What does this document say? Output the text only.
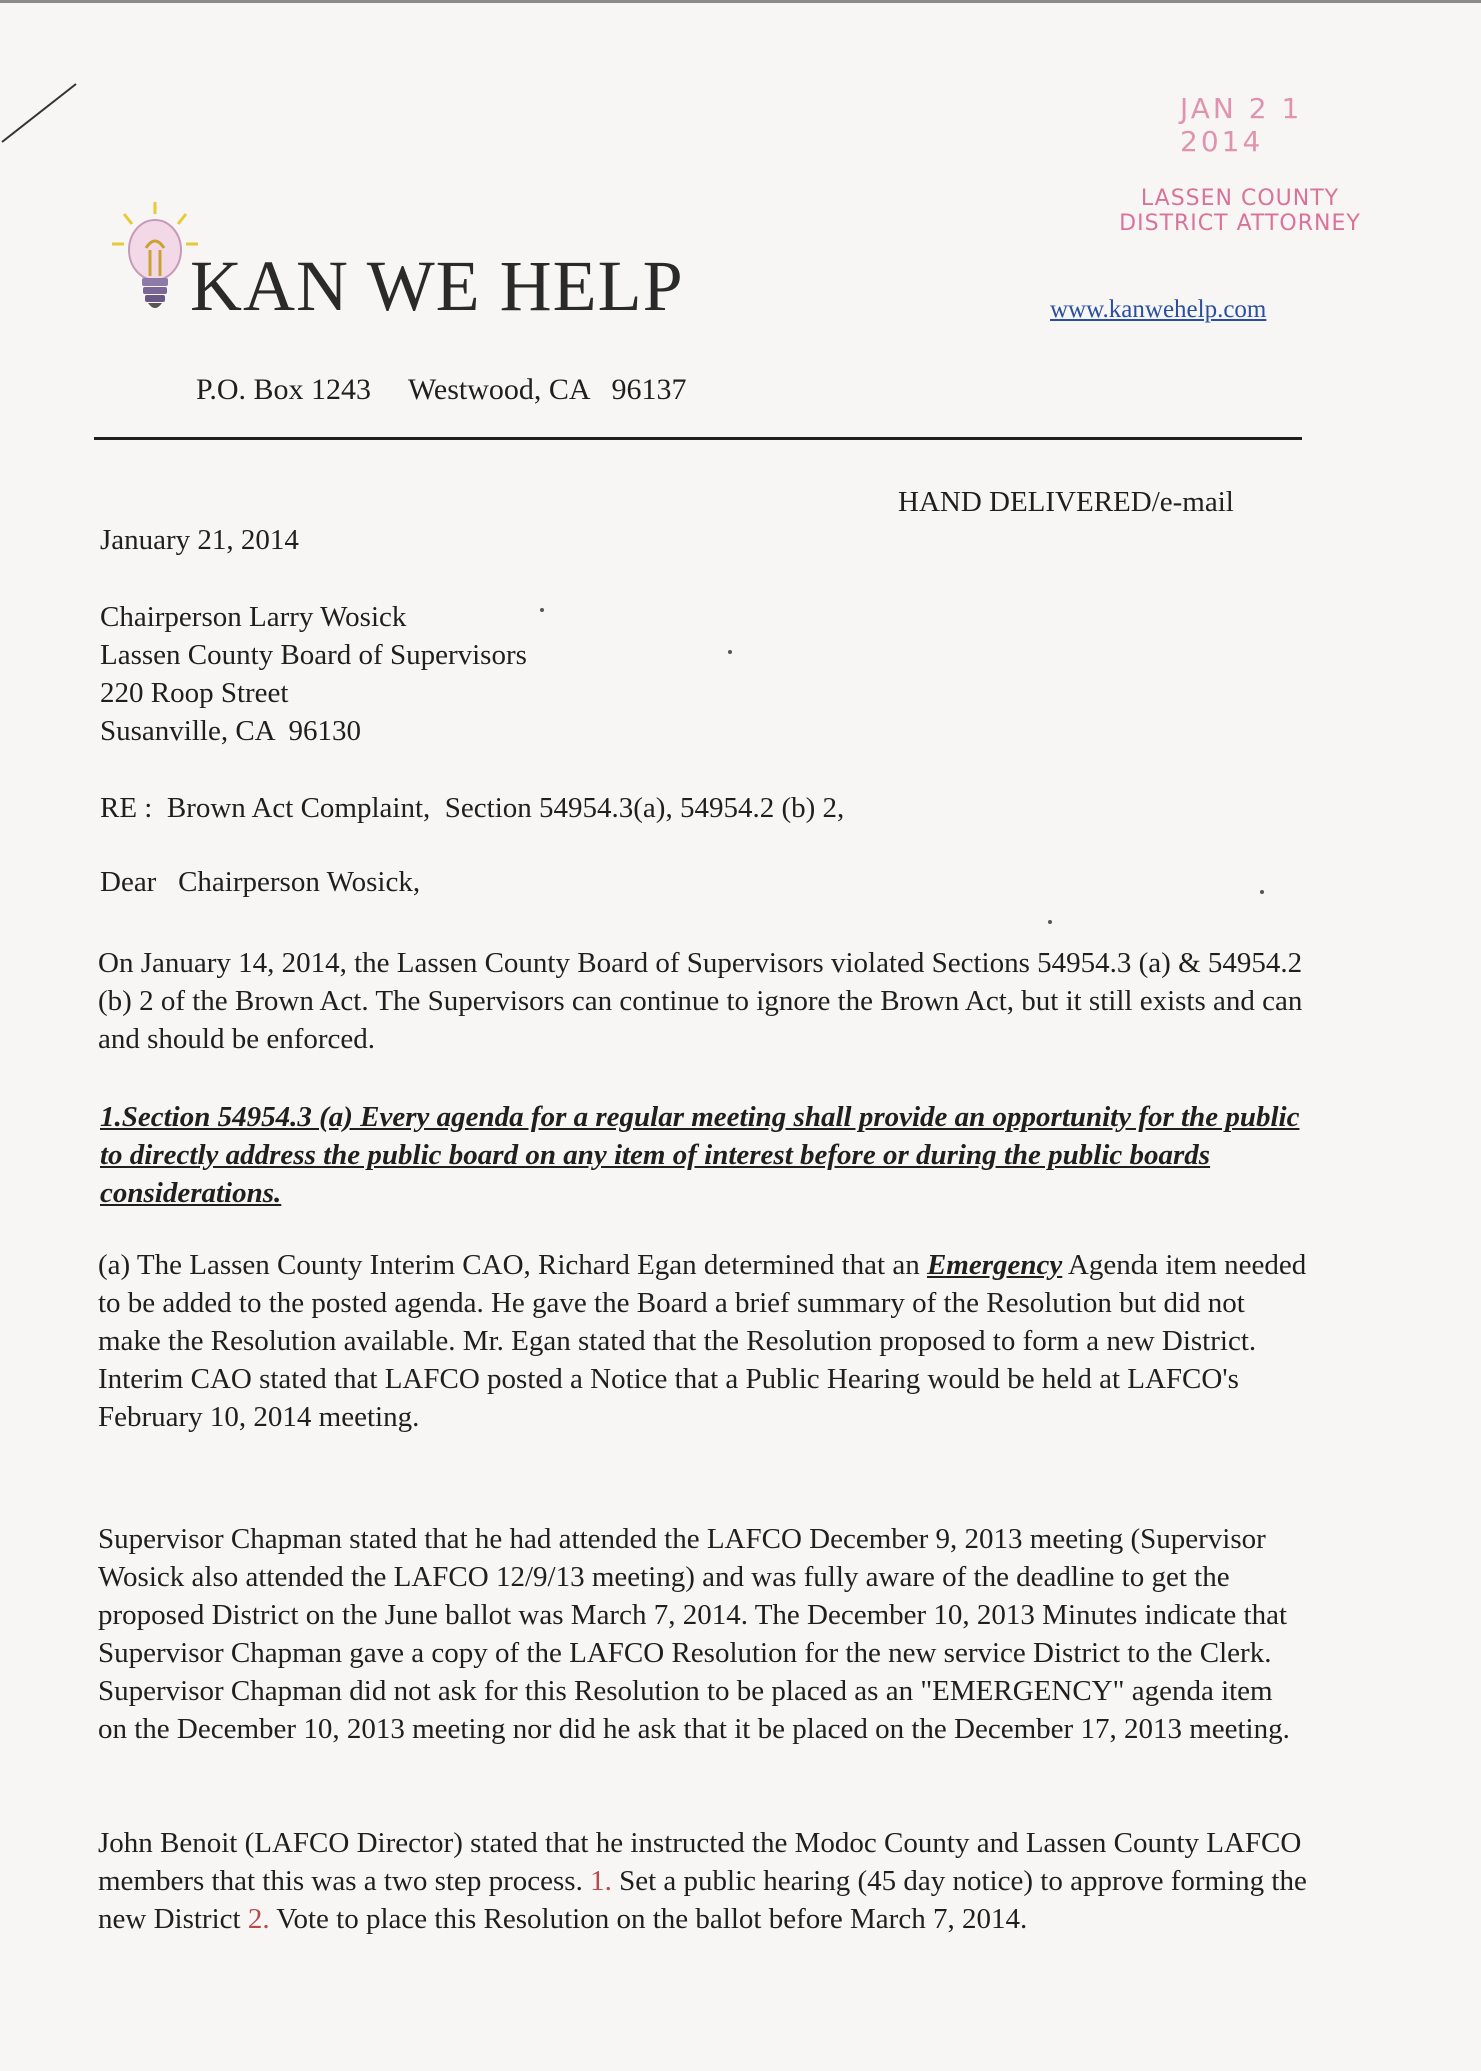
JAN 2 1 2014
LASSEN COUNTY
DISTRICT ATTORNEY
KAN WE HELP	www.kanwehelp.com
P.O. Box 1243 Westwood, CA   96137
HAND DELIVERED/e-mail
January 21, 2014
Chairperson Larry Wosick
Lassen County Board of Supervisors
220 Roop Street
Susanville, CA  96130
RE :  Brown Act Complaint,  Section 54954.3(a), 54954.2 (b) 2,
Dear   Chairperson Wosick,
On January 14, 2014, the Lassen County Board of Supervisors violated Sections 54954.3 (a) & 54954.2 (b) 2 of the Brown Act. The Supervisors can continue to ignore the Brown Act, but it still exists and can and should be enforced.
1.Section 54954.3 (a) Every agenda for a regular meeting shall provide an opportunity for the public to directly address the public board on any item of interest before or during the public boards considerations.
(a) The Lassen County Interim CAO, Richard Egan determined that an Emergency Agenda item needed to be added to the posted agenda. He gave the Board a brief summary of the Resolution but did not make the Resolution available. Mr. Egan stated that the Resolution proposed to form a new District. Interim CAO stated that LAFCO posted a Notice that a Public Hearing would be held at LAFCO's February 10, 2014 meeting.
Supervisor Chapman stated that he had attended the LAFCO December 9, 2013 meeting (Supervisor Wosick also attended the LAFCO 12/9/13 meeting) and was fully aware of the deadline to get the proposed District on the June ballot was March 7, 2014. The December 10, 2013 Minutes indicate that Supervisor Chapman gave a copy of the LAFCO Resolution for the new service District to the Clerk. Supervisor Chapman did not ask for this Resolution to be placed as an "EMERGENCY" agenda item on the December 10, 2013 meeting nor did he ask that it be placed on the December 17, 2013 meeting.
John Benoit (LAFCO Director) stated that he instructed the Modoc County and Lassen County LAFCO members that this was a two step process. 1. Set a public hearing (45 day notice) to approve forming the new District 2. Vote to place this Resolution on the ballot before March 7, 2014.
